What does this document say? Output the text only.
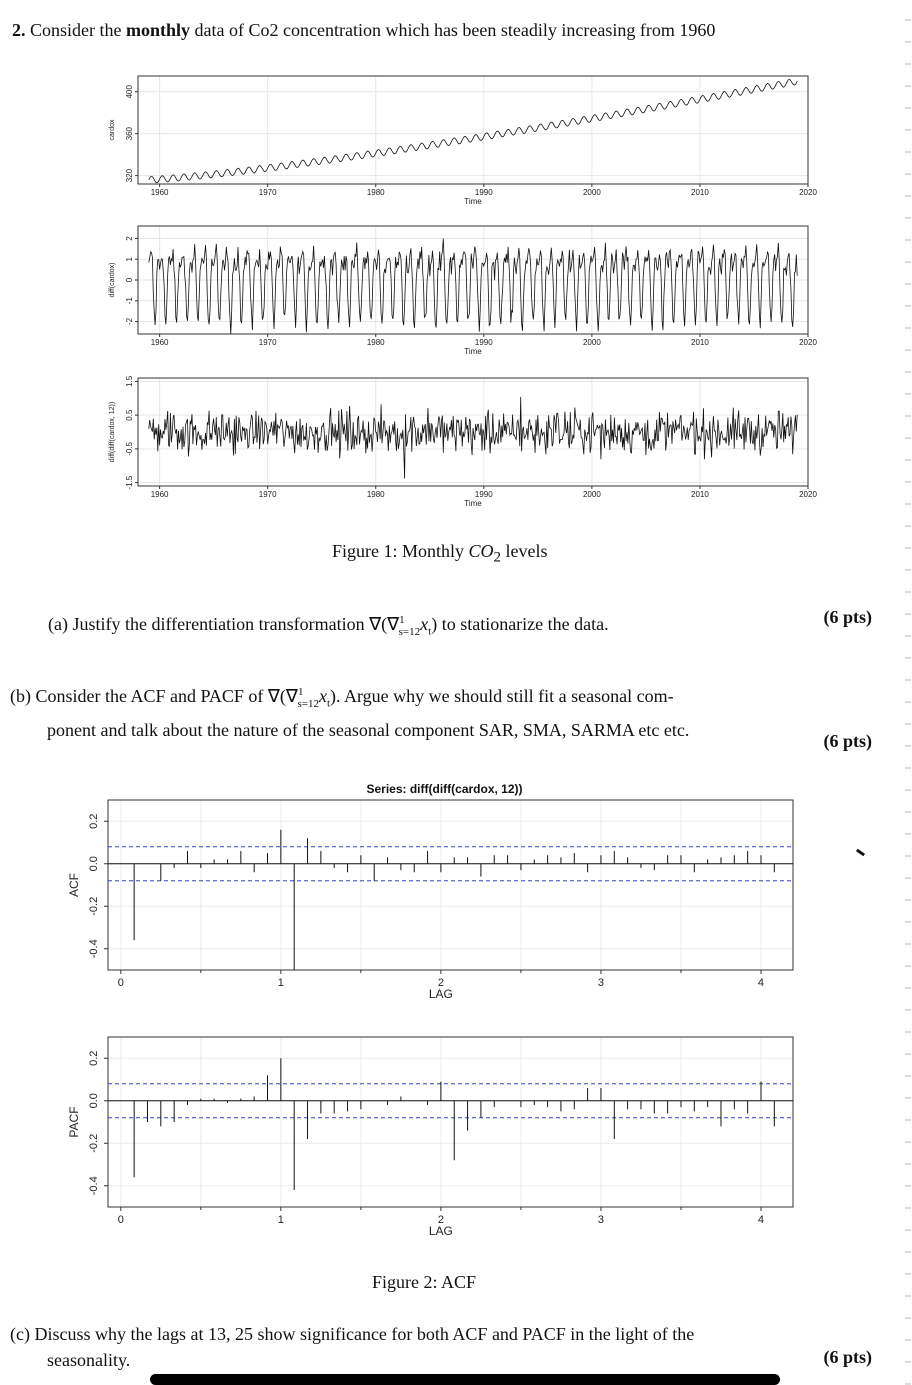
2. Consider the monthly data of Co2 concentration which has been steadily increasing from 1960
1960	1970	1980	1990	2000	2010	2020
Time
320
360
400
cardox
1960	1970	1980	1990	2000	2010	2020
Time
-2
-1
0
1
2
diff(cardox)
1960	1970	1980	1990	2000	2010	2020
Time
-1.5
-0.5
0.5
1.5
diff(diff(cardox, 12))
Figure 1: Monthly $CO_2$ levels
(a) Justify the differentiation transformation $\nabla(\nabla^1_{s=12}x_t)$ to stationarize the data.	(6 pts)
(b) Consider the ACF and PACF of $\nabla(\nabla^1_{s=12}x_t)$. Argue why we should still fit a seasonal com-
ponent and talk about the nature of the seasonal component SAR, SMA, SARMA etc etc.
(6 pts)
Series: diff(diff(cardox, 12))
0	1	2	3	4
LAG
-0.4
-0.2
0.0
0.2
ACF
0	1	2	3	4
LAG
-0.4
-0.2
0.0
0.2
PACF
Figure 2: ACF
(c) Discuss why the lags at 13, 25 show significance for both ACF and PACF in the light of the
seasonality.	(6 pts)
